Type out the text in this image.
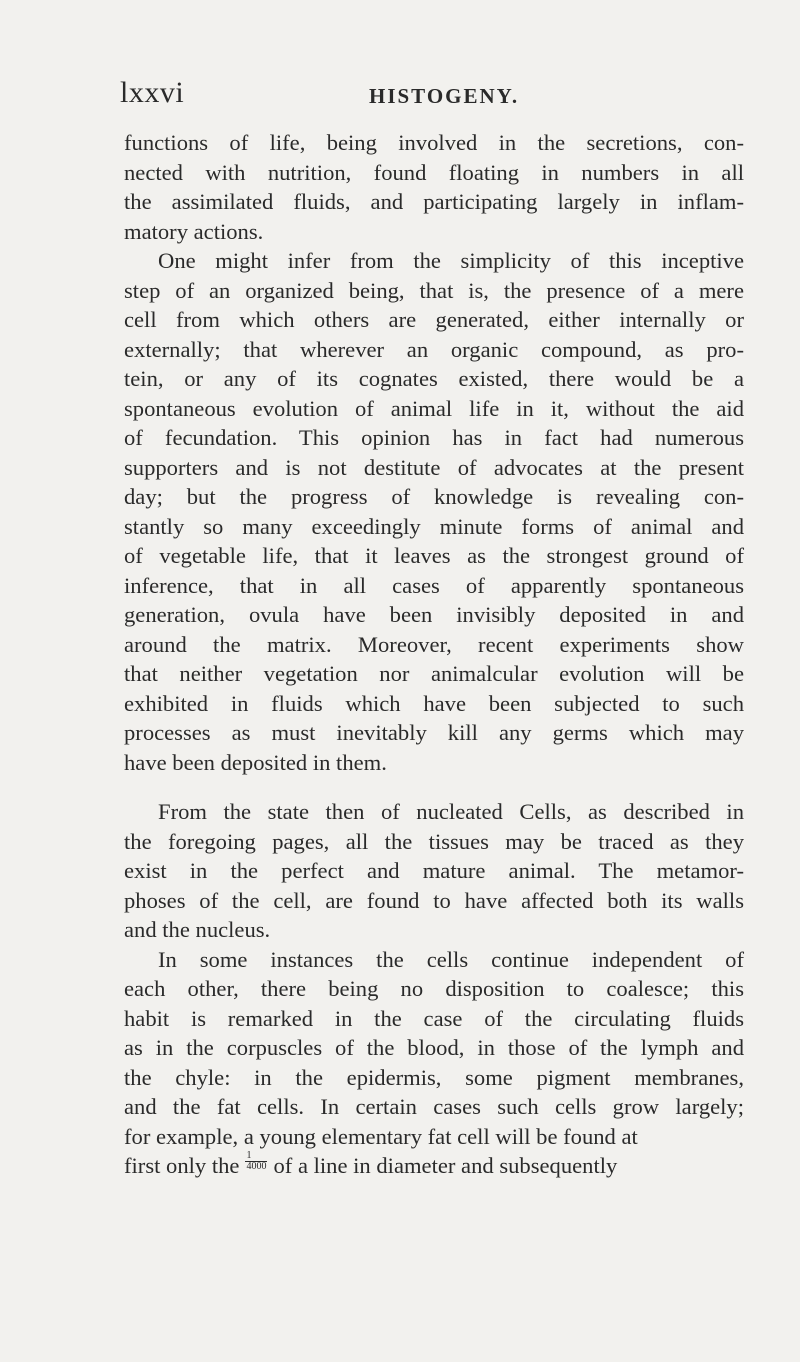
lxxvi	HISTOGENY.
functions of life, being involved in the secretions, con-
nected with nutrition, found floating in numbers in all
the assimilated fluids, and participating largely in inflam-
matory actions.
One might infer from the simplicity of this inceptive
step of an organized being, that is, the presence of a mere
cell from which others are generated, either internally or
externally; that wherever an organic compound, as pro-
tein, or any of its cognates existed, there would be a
spontaneous evolution of animal life in it, without the aid
of fecundation. This opinion has in fact had numerous
supporters and is not destitute of advocates at the present
day; but the progress of knowledge is revealing con-
stantly so many exceedingly minute forms of animal and
of vegetable life, that it leaves as the strongest ground of
inference, that in all cases of apparently spontaneous
generation, ovula have been invisibly deposited in and
around the matrix. Moreover, recent experiments show
that neither vegetation nor animalcular evolution will be
exhibited in fluids which have been subjected to such
processes as must inevitably kill any germs which may
have been deposited in them.
From the state then of nucleated Cells, as described in
the foregoing pages, all the tissues may be traced as they
exist in the perfect and mature animal. The metamor-
phoses of the cell, are found to have affected both its walls
and the nucleus.
In some instances the cells continue independent of
each other, there being no disposition to coalesce; this
habit is remarked in the case of the circulating fluids
as in the corpuscles of the blood, in those of the lymph and
the chyle: in the epidermis, some pigment membranes,
and the fat cells. In certain cases such cells grow largely;
for example, a young elementary fat cell will be found at
first only the $\frac{1}{4000}$ of a line in diameter and subsequently
